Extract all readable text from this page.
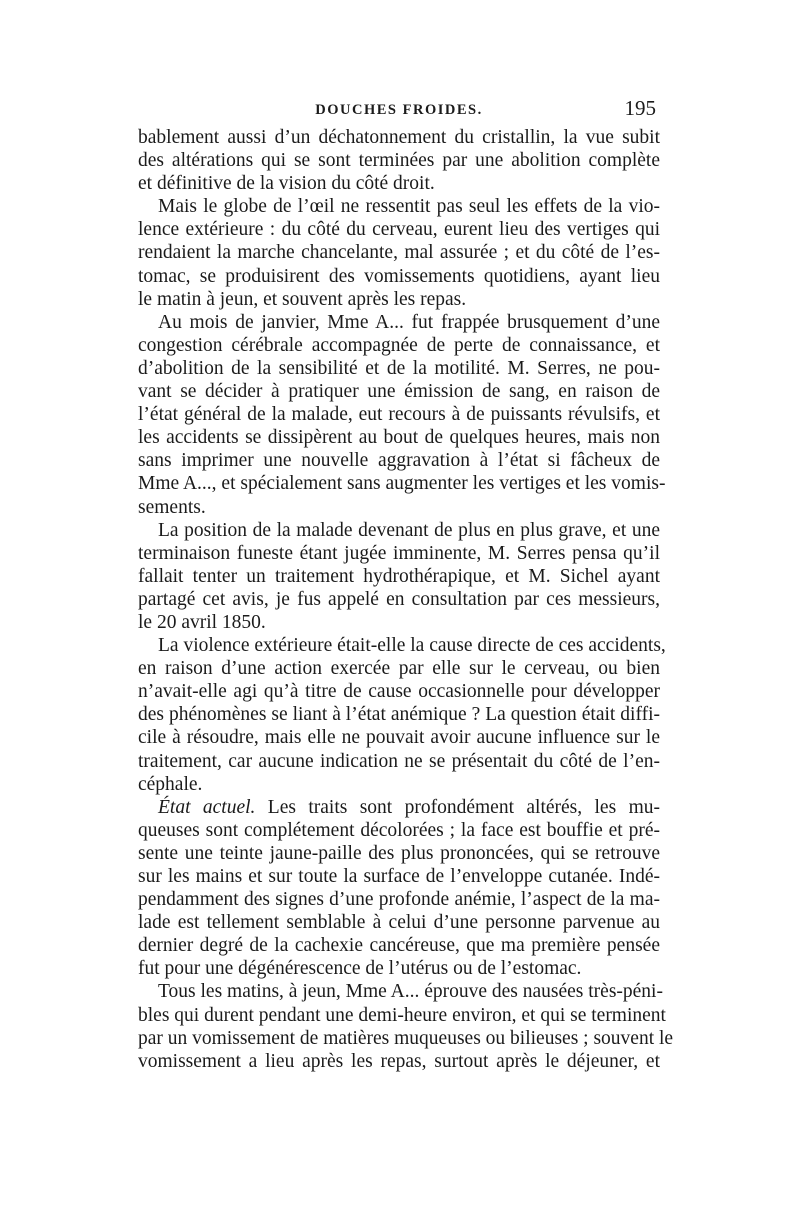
DOUCHES FROIDES.	195
bablement aussi d’un déchatonnement du cristallin, la vue subit
des altérations qui se sont terminées par une abolition complète
et définitive de la vision du côté droit.
Mais le globe de l’œil ne ressentit pas seul les effets de la vio-
lence extérieure : du côté du cerveau, eurent lieu des vertiges qui
rendaient la marche chancelante, mal assurée ; et du côté de l’es-
tomac, se produisirent des vomissements quotidiens, ayant lieu
le matin à jeun, et souvent après les repas.
Au mois de janvier, Mme A... fut frappée brusquement d’une
congestion cérébrale accompagnée de perte de connaissance, et
d’abolition de la sensibilité et de la motilité. M. Serres, ne pou-
vant se décider à pratiquer une émission de sang, en raison de
l’état général de la malade, eut recours à de puissants révulsifs, et
les accidents se dissipèrent au bout de quelques heures, mais non
sans imprimer une nouvelle aggravation à l’état si fâcheux de
Mme A..., et spécialement sans augmenter les vertiges et les vomis-
sements.
La position de la malade devenant de plus en plus grave, et une
terminaison funeste étant jugée imminente, M. Serres pensa qu’il
fallait tenter un traitement hydrothérapique, et M. Sichel ayant
partagé cet avis, je fus appelé en consultation par ces messieurs,
le 20 avril 1850.
La violence extérieure était-elle la cause directe de ces accidents,
en raison d’une action exercée par elle sur le cerveau, ou bien
n’avait-elle agi qu’à titre de cause occasionnelle pour développer
des phénomènes se liant à l’état anémique ? La question était diffi-
cile à résoudre, mais elle ne pouvait avoir aucune influence sur le
traitement, car aucune indication ne se présentait du côté de l’en-
céphale.
État actuel. Les traits sont profondément altérés, les mu-
queuses sont complétement décolorées ; la face est bouffie et pré-
sente une teinte jaune-paille des plus prononcées, qui se retrouve
sur les mains et sur toute la surface de l’enveloppe cutanée. Indé-
pendamment des signes d’une profonde anémie, l’aspect de la ma-
lade est tellement semblable à celui d’une personne parvenue au
dernier degré de la cachexie cancéreuse, que ma première pensée
fut pour une dégénérescence de l’utérus ou de l’estomac.
Tous les matins, à jeun, Mme A... éprouve des nausées très-péni-
bles qui durent pendant une demi-heure environ, et qui se terminent
par un vomissement de matières muqueuses ou bilieuses ; souvent le
vomissement a lieu après les repas, surtout après le déjeuner, et
